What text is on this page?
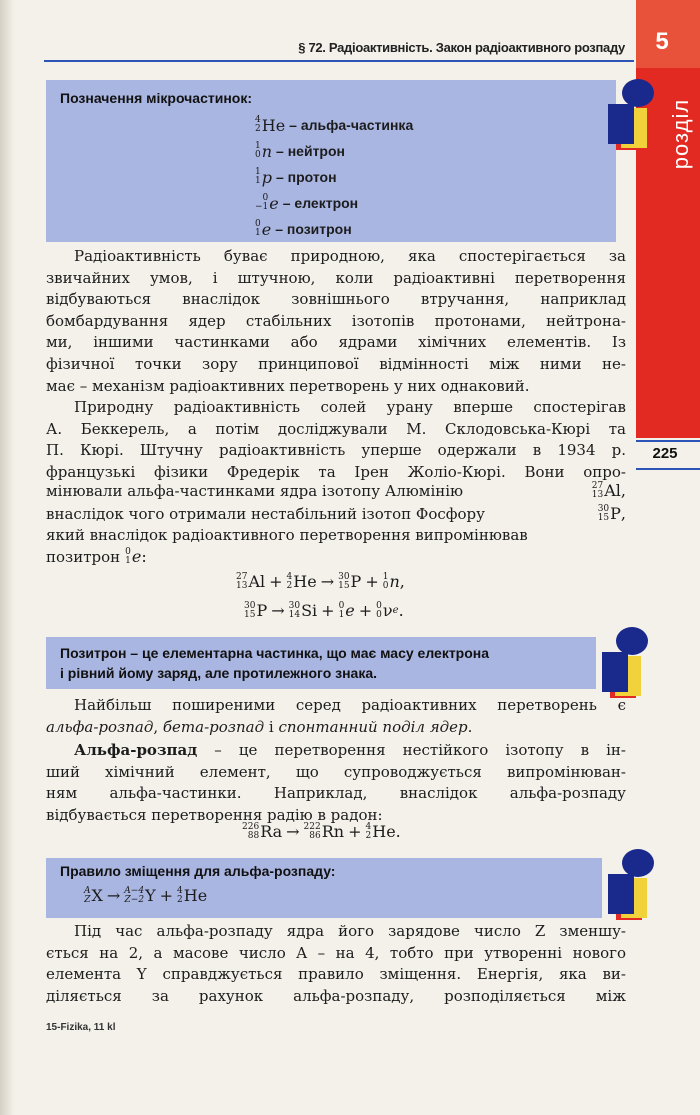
§ 72. Радіоактивність. Закон радіоактивного розпаду	5
розділ
225
Позначення мікрочастинок:
4
2 He – альфа-частинка
1
0 n – нейтрон
1
1 p – протон
0
−1 e – електрон
0
1 e – позитрон
Радіоактивність буває природною, яка спостерігається за
звичайних умов, і штучною, коли радіоактивні перетворення
відбуваються внаслідок зовнішнього втручання, наприклад
бомбардування ядер стабільних ізотопів протонами, нейтрона-
ми, іншими частинками або ядрами хімічних елементів. Із
фізичної точки зору принципової відмінності між ними не-
має – механізм радіоактивних перетворень у них однаковий.
Природну радіоактивність солей урану вперше спостерігав
А. Беккерель, а потім досліджували М. Склодовська-Кюрі та
П. Кюрі. Штучну радіоактивність уперше одержали в 1934 р.
французькі фізики Фредерік та Ірен Жоліо-Кюрі. Вони опро-
мінювали альфа-частинками ядра ізотопу Алюмінію	27
13 Al ,
внаслідок чого отримали нестабільний ізотоп Фосфору	30
15 P ,
який внаслідок радіоактивного перетворення випромінював
позитрон 0
1 e :
27
13 Al + 4
2 He → 30
15 P + 1
0 n ,
30
15 P → 30
14 Si + 0
1 e + 0
0 ν e .
Позитрон – це елементарна частинка, що має масу електрона
і рівний йому заряд, але протилежного знака.
Найбільш поширеними серед радіоактивних перетворень є
альфа-розпад, бета-розпад і спонтанний поділ ядер.
Альфа-розпад – це перетворення нестійкого ізотопу в ін-
ший хімічний елемент, що супроводжується випромінюван-
ням альфа-частинки. Наприклад, внаслідок альфа-розпаду
відбувається перетворення радію в радон:
226
88 Ra → 222
86 Rn + 4
2 He .
Правило зміщення для альфа-розпаду:
A
Z X → A−4
Z−2 Y + 4
2 He
Під час альфа-розпаду ядра його зарядове число Z зменшу-
ється на 2, а масове число A – на 4, тобто при утворенні нового
елемента Y справджується правило зміщення. Енергія, яка ви-
діляється за рахунок альфа-розпаду, розподіляється між
15-Fizika, 11 kl
